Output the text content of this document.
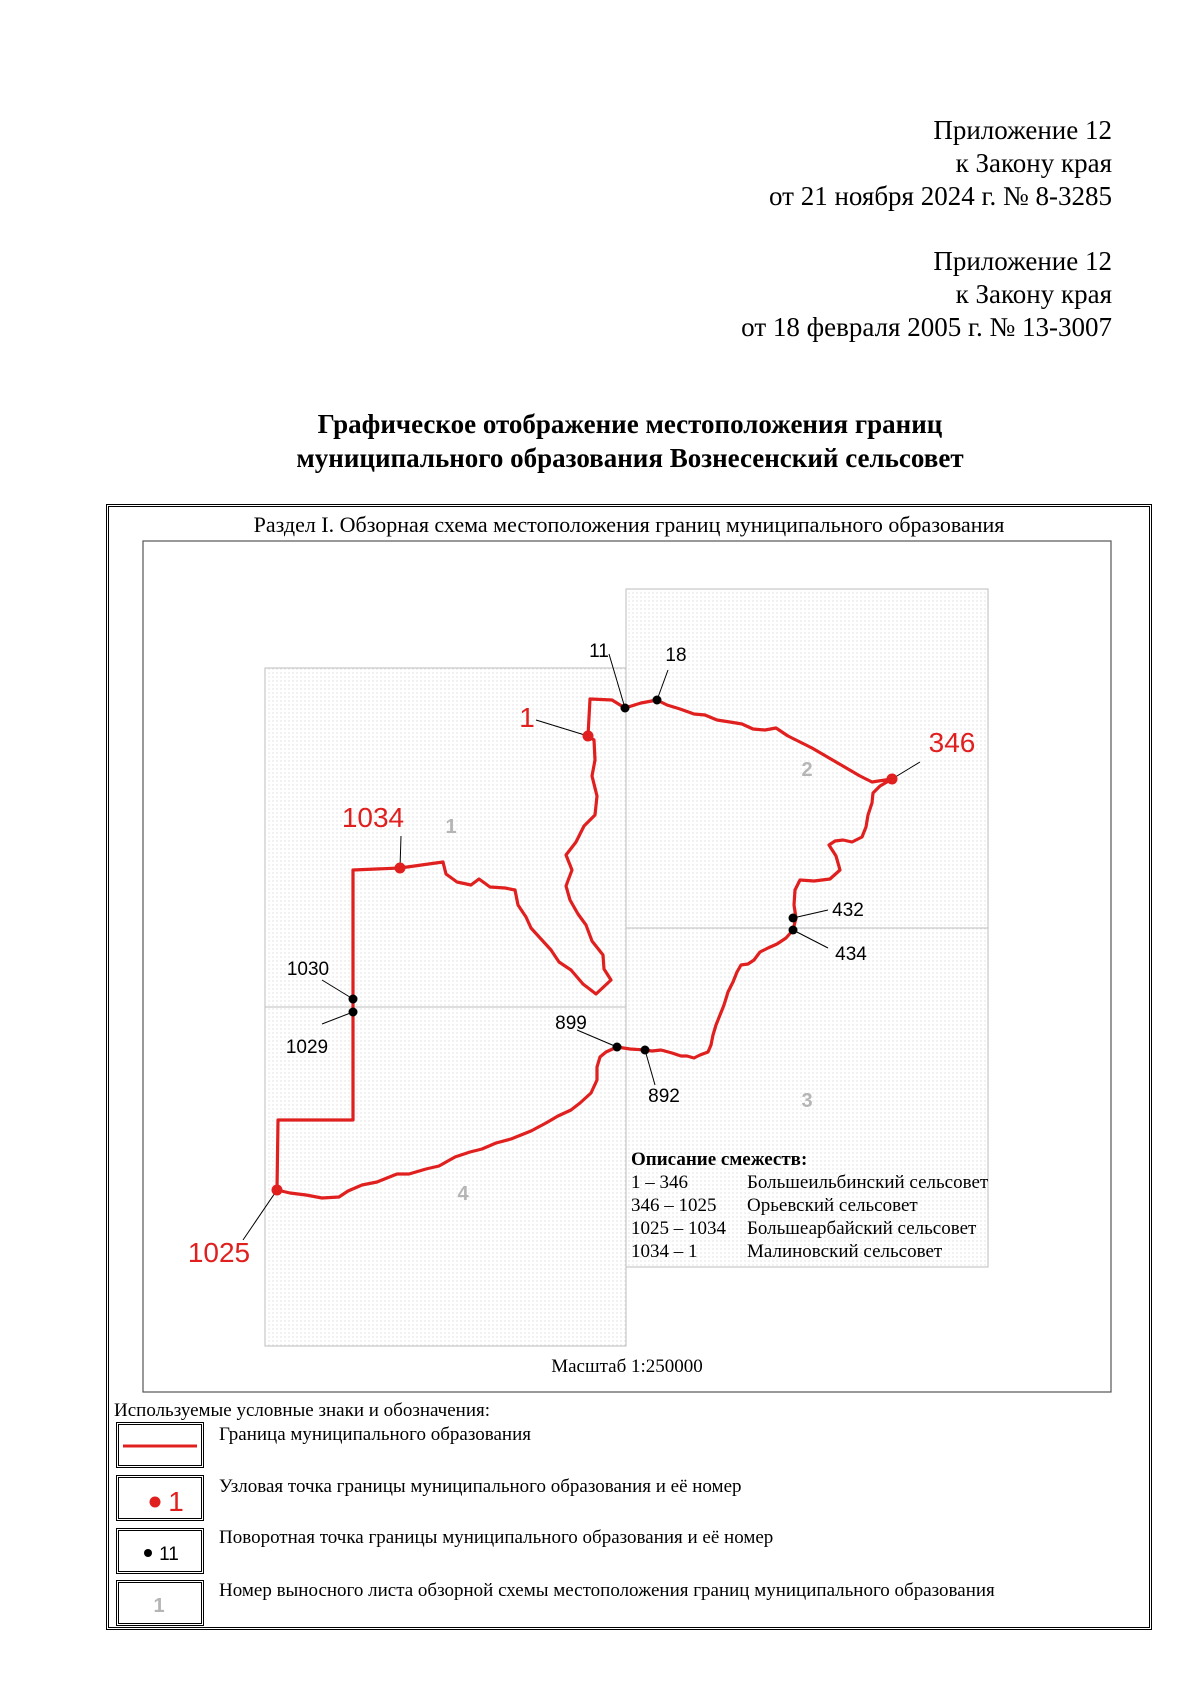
Приложение 12
к Закону края
от 21 ноября 2024 г. № 8-3285
Приложение 12
к Закону края
от 18 февраля 2005 г. № 13-3007
Графическое отображение местоположения границ
муниципального образования Вознесенский сельсовет
Раздел I. Обзорная схема местоположения границ муниципального образования
1
2
3
4
1
346
1025
1034
11	18
432
434
892
899
1029
1030
Описание смежеств:
1 – 346	Большеильбинский сельсовет
346 – 1025	Орьевский сельсовет
1025 – 1034	Большеарбайский сельсовет
1034 – 1	Малиновский сельсовет
Масштаб 1:250000
Используемые условные знаки и обозначения:
Граница муниципального образования
1 Узловая точка границы муниципального образования и её номер
11
Поворотная точка границы муниципального образования и её номер
1
Номер выносного листа обзорной схемы местоположения границ муниципального образования
